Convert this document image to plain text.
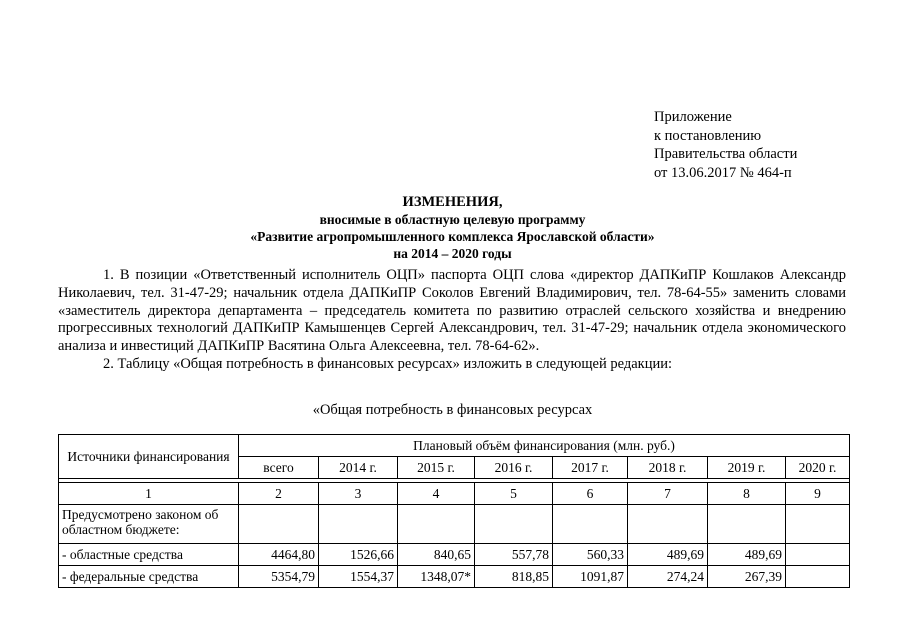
Приложение
к постановлению
Правительства области
от 13.06.2017 № 464-п
ИЗМЕНЕНИЯ,
вносимые в областную целевую программу
«Развитие агропромышленного комплекса Ярославской области»
на 2014 – 2020 годы

1. В позиции «Ответственный исполнитель ОЦП» паспорта ОЦП слова «директор ДАПКиПР Кошлаков Александр Николаевич, тел. 31-47-29; начальник отдела ДАПКиПР Соколов Евгений Владимирович, тел. 78-64-55» заменить словами «заместитель директора департамента – председатель комитета по развитию отраслей сельского хозяйства и внедрению прогрессивных технологий ДАПКиПР Камышенцев Сергей Александрович, тел. 31-47-29; начальник отдела экономического анализа и инвестиций ДАПКиПР Васятина Ольга Алексеевна, тел. 78-64-62».

2. Таблицу «Общая потребность в финансовых ресурсах» изложить в следующей редакции:

«Общая потребность в финансовых ресурсах
Источники финансирования	Плановый объём финансирования (млн. руб.)							
	всего	2014 г.	2015 г.	2016 г.	2017 г.	2018 г.	2019 г.	2020 г.

1	2	3	4	5	6	7	8	9
Предусмотрено законом об областном бюджете:								
- областные средства	4464,80	1526,66	840,65	557,78	560,33	489,69	489,69	
- федеральные средства	5354,79	1554,37	1348,07*	818,85	1091,87	274,24	267,39	
